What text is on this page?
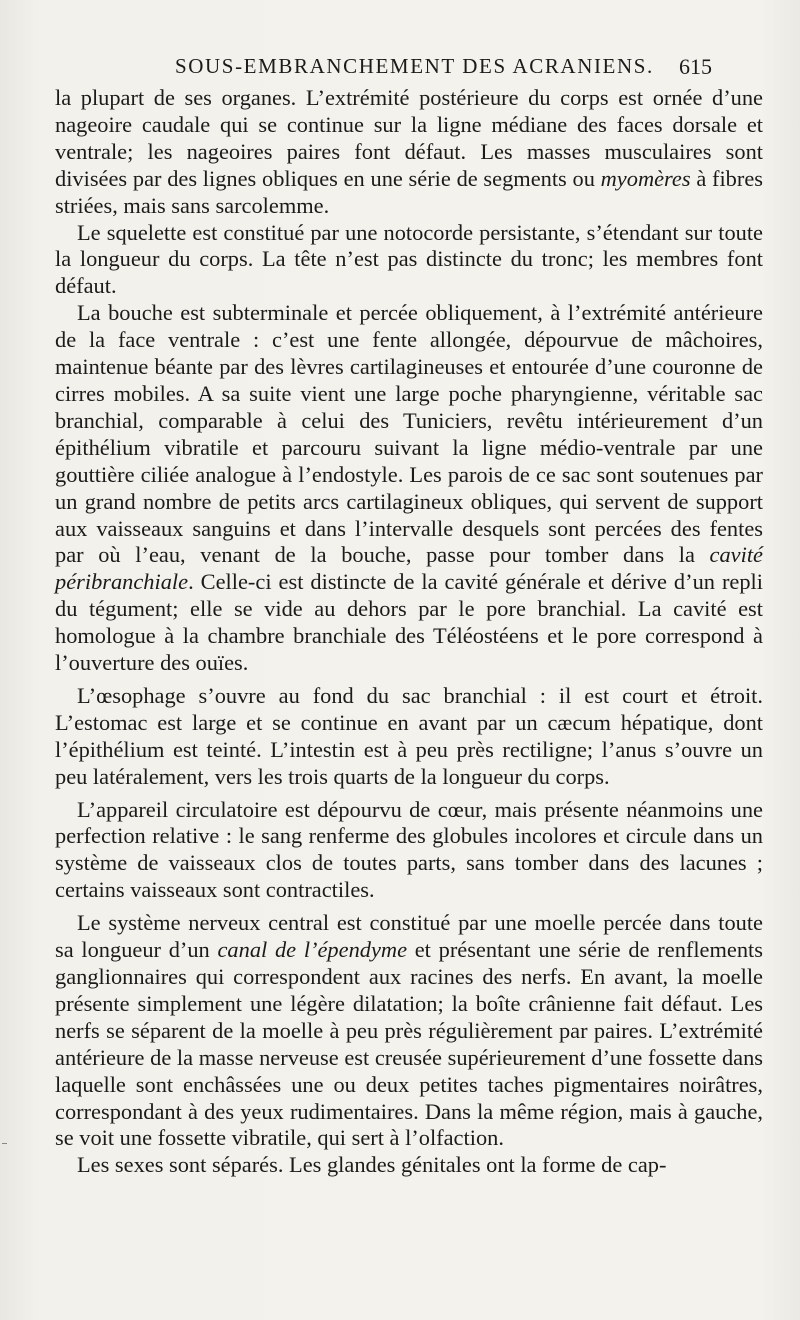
SOUS-EMBRANCHEMENT DES ACRANIENS. 615

la plupart de ses organes. L’extrémité postérieure du corps est ornée d’une nageoire caudale qui se continue sur la ligne médiane des faces dorsale et ventrale; les nageoires paires font défaut. Les masses musculaires sont divisées par des lignes obliques en une série de segments ou myomères à fibres striées, mais sans sarcolemme.

Le squelette est constitué par une notocorde persistante, s’étendant sur toute la longueur du corps. La tête n’est pas distincte du tronc; les membres font défaut.

La bouche est subterminale et percée obliquement, à l’extrémité antérieure de la face ventrale : c’est une fente allongée, dépourvue de mâchoires, maintenue béante par des lèvres cartilagineuses et entourée d’une couronne de cirres mobiles. A sa suite vient une large poche pharyngienne, véritable sac branchial, comparable à celui des Tuniciers, revêtu intérieurement d’un épithélium vibratile et parcouru suivant la ligne médio-ventrale par une gouttière ciliée analogue à l’endostyle. Les parois de ce sac sont soutenues par un grand nombre de petits arcs cartilagineux obliques, qui servent de support aux vaisseaux sanguins et dans l’intervalle desquels sont percées des fentes par où l’eau, venant de la bouche, passe pour tomber dans la cavité péribranchiale. Celle-ci est distincte de la cavité générale et dérive d’un repli du tégument; elle se vide au dehors par le pore branchial. La cavité est homologue à la chambre branchiale des Téléostéens et le pore correspond à l’ouverture des ouïes.

L’œsophage s’ouvre au fond du sac branchial : il est court et étroit. L’estomac est large et se continue en avant par un cæcum hépatique, dont l’épithélium est teinté. L’intestin est à peu près rectiligne; l’anus s’ouvre un peu latéralement, vers les trois quarts de la longueur du corps.

L’appareil circulatoire est dépourvu de cœur, mais présente néanmoins une perfection relative : le sang renferme des globules incolores et circule dans un système de vaisseaux clos de toutes parts, sans tomber dans des lacunes ; certains vaisseaux sont contractiles.

Le système nerveux central est constitué par une moelle percée dans toute sa longueur d’un canal de l’épendyme et présentant une série de renflements ganglionnaires qui correspondent aux racines des nerfs. En avant, la moelle présente simplement une légère dilatation; la boîte crânienne fait défaut. Les nerfs se séparent de la moelle à peu près régulièrement par paires. L’extrémité antérieure de la masse nerveuse est creusée supérieurement d’une fossette dans laquelle sont enchâssées une ou deux petites taches pigmentaires noirâtres, correspondant à des yeux rudimentaires. Dans la même région, mais à gauche, se voit une fossette vibratile, qui sert à l’olfaction.

Les sexes sont séparés. Les glandes génitales ont la forme de cap-
